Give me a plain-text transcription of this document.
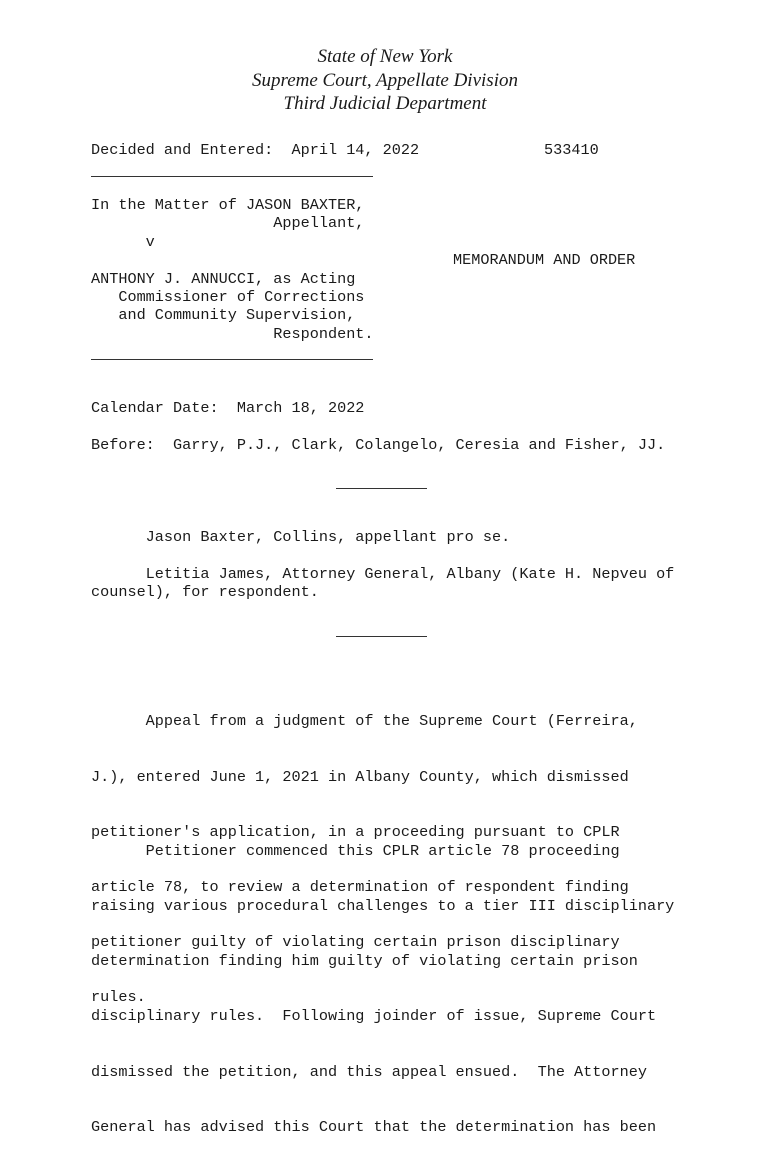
State of New York
Supreme Court, Appellate Division
Third Judicial Department
Decided and Entered:  April 14, 2022	533410
In the Matter of JASON BAXTER,
Appellant,
v
MEMORANDUM AND ORDER
ANTHONY J. ANNUCCI, as Acting
Commissioner of Corrections
and Community Supervision,
Respondent.
Calendar Date:  March 18, 2022
Before:  Garry, P.J., Clark, Colangelo, Ceresia and Fisher, JJ.
Jason Baxter, Collins, appellant pro se.
Letitia James, Attorney General, Albany (Kate H. Nepveu of
counsel), for respondent.

Appeal from a judgment of the Supreme Court (Ferreira,

J.), entered June 1, 2021 in Albany County, which dismissed

petitioner's application, in a proceeding pursuant to CPLR

article 78, to review a determination of respondent finding

petitioner guilty of violating certain prison disciplinary

rules.

Petitioner commenced this CPLR article 78 proceeding

raising various procedural challenges to a tier III disciplinary

determination finding him guilty of violating certain prison

disciplinary rules.  Following joinder of issue, Supreme Court

dismissed the petition, and this appeal ensued.  The Attorney

General has advised this Court that the determination has been
